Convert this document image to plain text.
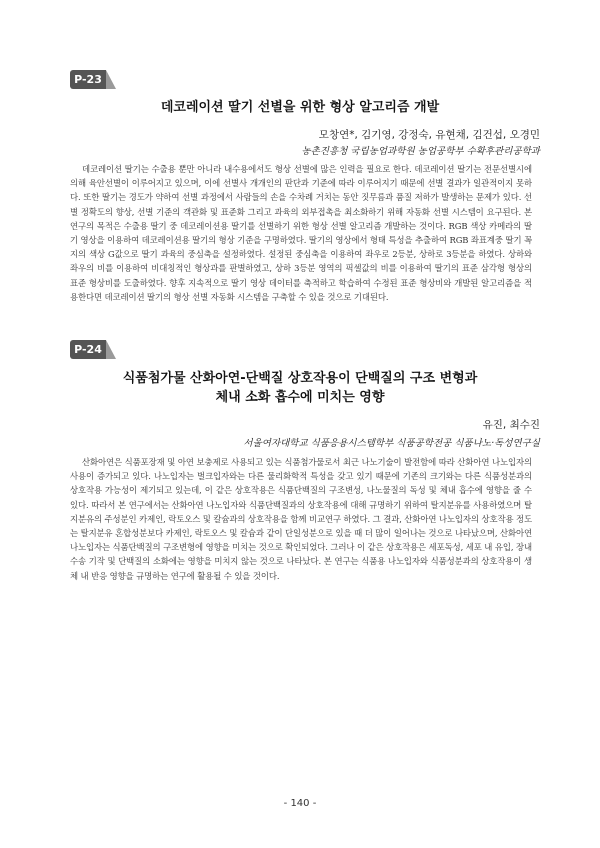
P-23
데코레이션 딸기 선별을 위한 형상 알고리즘 개발
모창연*, 김기영, 강정숙, 유현채, 김건섭, 오경민
농촌진흥청 국립농업과학원 농업공학부 수확후관리공학과
데코레이션 딸기는 수출용 뿐만 아니라 내수용에서도 형상 선별에 많은 인력을 필요로 한다. 데코레이션 딸기는 전문선별시에 의해 육안선별이 이루어지고 있으며, 이에 선별사 개개인의 판단과 기준에 따라 이루어지기 때문에 선별 결과가 일관적이지 못하다. 또한 딸기는 경도가 약하여 선별 과정에서 사람들의 손을 수차례 거치는 동안 짓무름과 품질 저하가 발생하는 문제가 있다. 선별 정확도의 향상, 선별 기준의 객관화 및 표준화 그리고 과육의 외부접촉을 최소화하기 위해 자동화 선별 시스템이 요구된다. 본 연구의 목적은 수출용 딸기 중 데코레이션용 딸기를 선별하기 위한 형상 선별 알고리즘 개발하는 것이다. RGB 색상 카메라의 딸기 영상을 이용하여 데코레이션용 딸기의 형상 기준을 구명하였다. 딸기의 영상에서 형태 특성을 추출하여 RGB 좌표계중 딸기 꼭지의 색상 G값으로 딸기 과육의 중심축을 설정하였다. 설정된 중심축을 이용하여 좌우로 2등분, 상하로 3등분을 하였다. 상하와 좌우의 비를 이용하여 비대칭적인 형상과를 판별하였고, 상하 3등분 영역의 픽셀값의 비를 이용하여 딸기의 표준 삼각형 형상의 표준 형상비를 도출하였다. 향후 지속적으로 딸기 영상 데이터를 축적하고 학습하여 수정된 표준 형상비와 개발된 알고리즘을 적용한다면 데코레이션 딸기의 형상 선별 자동화 시스템을 구축할 수 있을 것으로 기대된다.
P-24
식품첨가물 산화아연-단백질 상호작용이 단백질의 구조 변형과
체내 소화 흡수에 미치는 영향
유진, 최수진
서울여자대학교 식품응용시스템학부 식품공학전공 식품나노·독성연구실
산화아연은 식품포장재 및 아연 보충제로 사용되고 있는 식품첨가물로서 최근 나노기술이 발전함에 따라 산화아연 나노입자의 사용이 증가되고 있다. 나노입자는 벌크입자와는 다른 물리화학적 특성을 갖고 있기 때문에 기존의 크기와는 다른 식품성분과의 상호작용 가능성이 제기되고 있는데, 이 같은 상호작용은 식품단백질의 구조변성, 나노물질의 독성 및 체내 흡수에 영향을 줄 수 있다. 따라서 본 연구에서는 산화아연 나노입자와 식품단백질과의 상호작용에 대해 규명하기 위하여 탈지분유를 사용하였으며 탈지분유의 주성분인 카제인, 락토오스 및 칼슘과의 상호작용을 함께 비교연구 하였다. 그 결과, 산화아연 나노입자의 상호작용 정도는 탈지분유 혼합성분보다 카제인, 락토오스 및 칼슘과 같이 단일성분으로 있을 때 더 많이 일어나는 것으로 나타났으며, 산화아연 나노입자는 식품단백질의 구조변형에 영향을 미치는 것으로 확인되었다. 그러나 이 같은 상호작용은 세포독성, 세포 내 유입, 장내 수송 기작 및 단백질의 소화에는 영향을 미치지 않는 것으로 나타났다. 본 연구는 식품용 나노입자와 식품성분과의 상호작용이 생체 내 반응 영향을 규명하는 연구에 활용될 수 있을 것이다.
- 140 -
